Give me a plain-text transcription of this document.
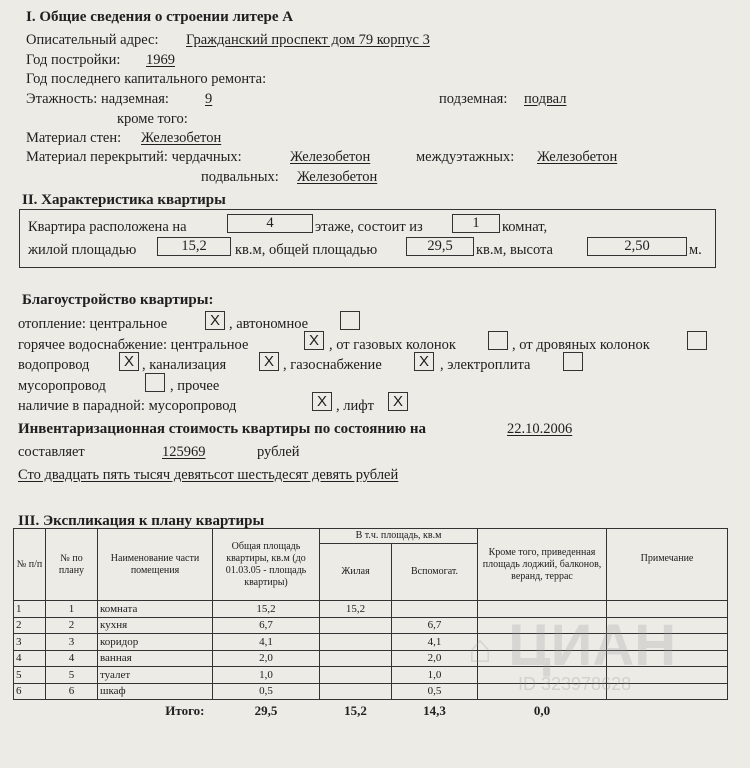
I. Общие сведения о строении литере А
Описательный адрес: Гражданский проспект дом 79 корпус 3
Год постройки: 1969
Год последнего капитального ремонта:
Этажность: надземная: 9	подземная: подвал
кроме того:
Материал стен: Железобетон
Материал перекрытий: чердачных:	Железобетон	междуэтажных: Железобетон
подвальных: Железобетон
II. Характеристика квартиры
Квартира расположена на	4	этаже, состоит из	1	комнат,
жилой площадью	15,2	кв.м, общей площадью	29,5	кв.м, высота	2,50	м.
Благоустройство квартиры:
отопление: центральное	X , автономное
горячее водоснабжение: центральное	X , от газовых колонок	, от дровяных колонок
водопровод	X , канализация	X , газоснабжение	X , электроплита
мусоропровод	, прочее
наличие в парадной: мусоропровод	X , лифт	X
Инвентаризационная стоимость квартиры по состоянию на	22.10.2006
составляет	125969	рублей
Сто двадцать пять тысяч девятьсот шестьдесят девять рублей
III. Экспликация к плану квартиры
№ п/п	№ по плану	Наименование части помещения	Общая площадь квартиры, кв.м (до 01.03.05 - площадь квартиры)	В т.ч. площадь, кв.м		Кроме того, приведенная площадь лоджий, балконов, веранд, террас	Примечание
				Жилая	Вспомогат.		
1	1	комната	15,2	15,2			
2	2	кухня	6,7		6,7		
3	3	коридор	4,1		4,1		
4	4	ванная	2,0		2,0		
5	5	туалет	1,0		1,0		
6	6	шкаф	0,5		0,5		
Итого:			29,5	15,2	14,3	0,0	
⌂ ЦИАН
ID 323978628
